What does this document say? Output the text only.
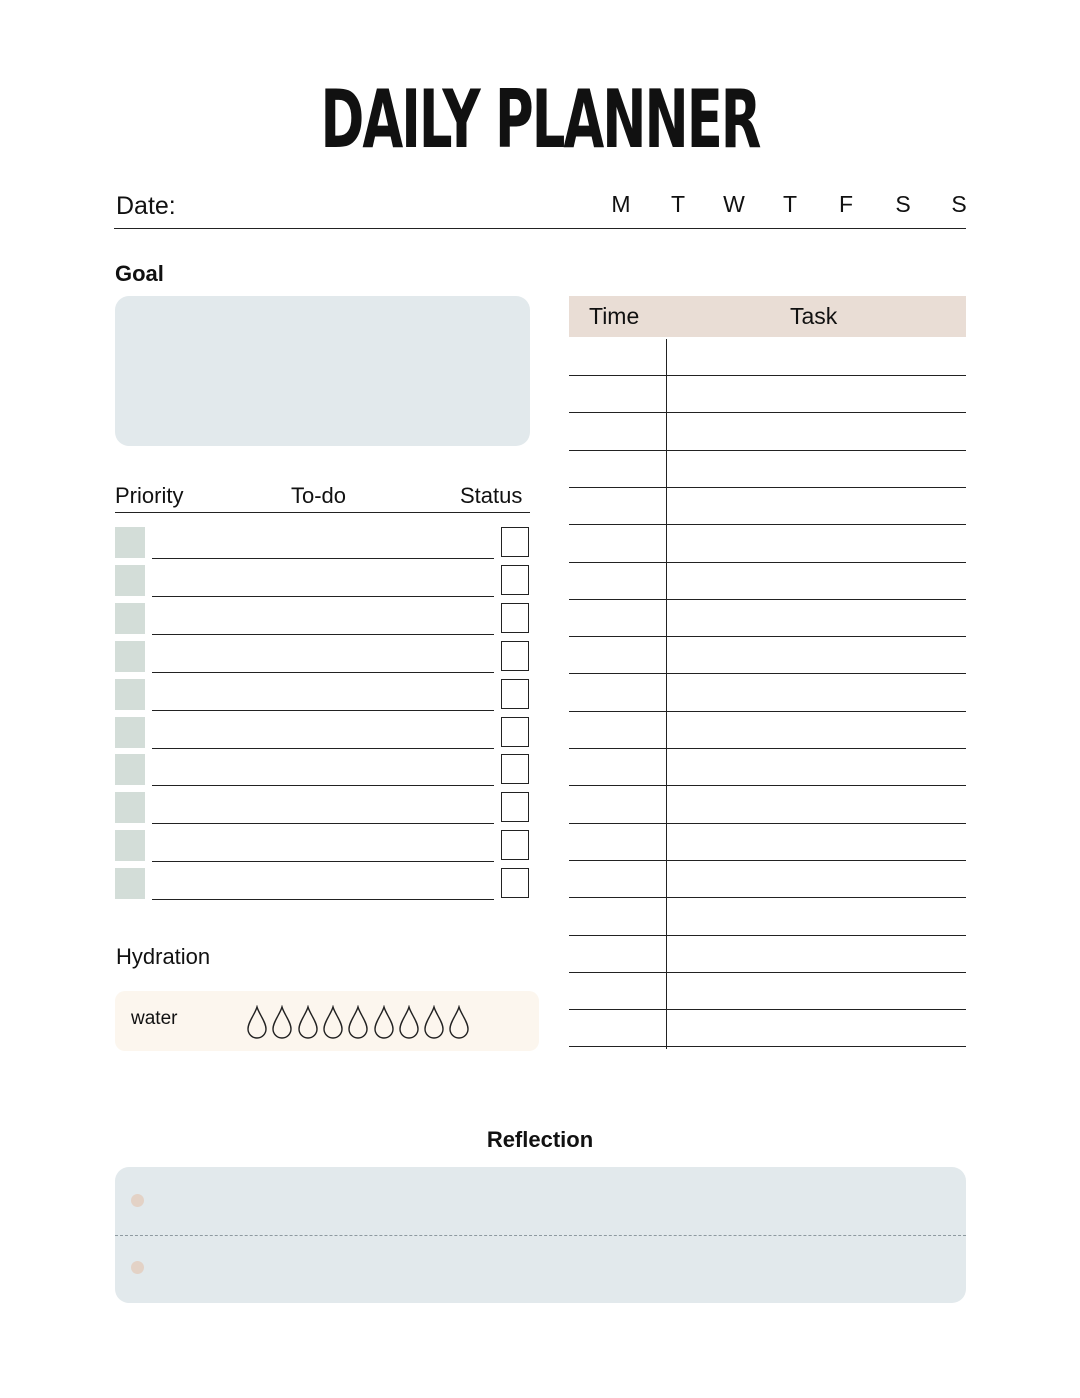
DAILY PLANNER
Date:	M	T	W	T	F	S	S
Goal
Priority	To-do	Status
Hydration
water
Time	Task
Reflection
